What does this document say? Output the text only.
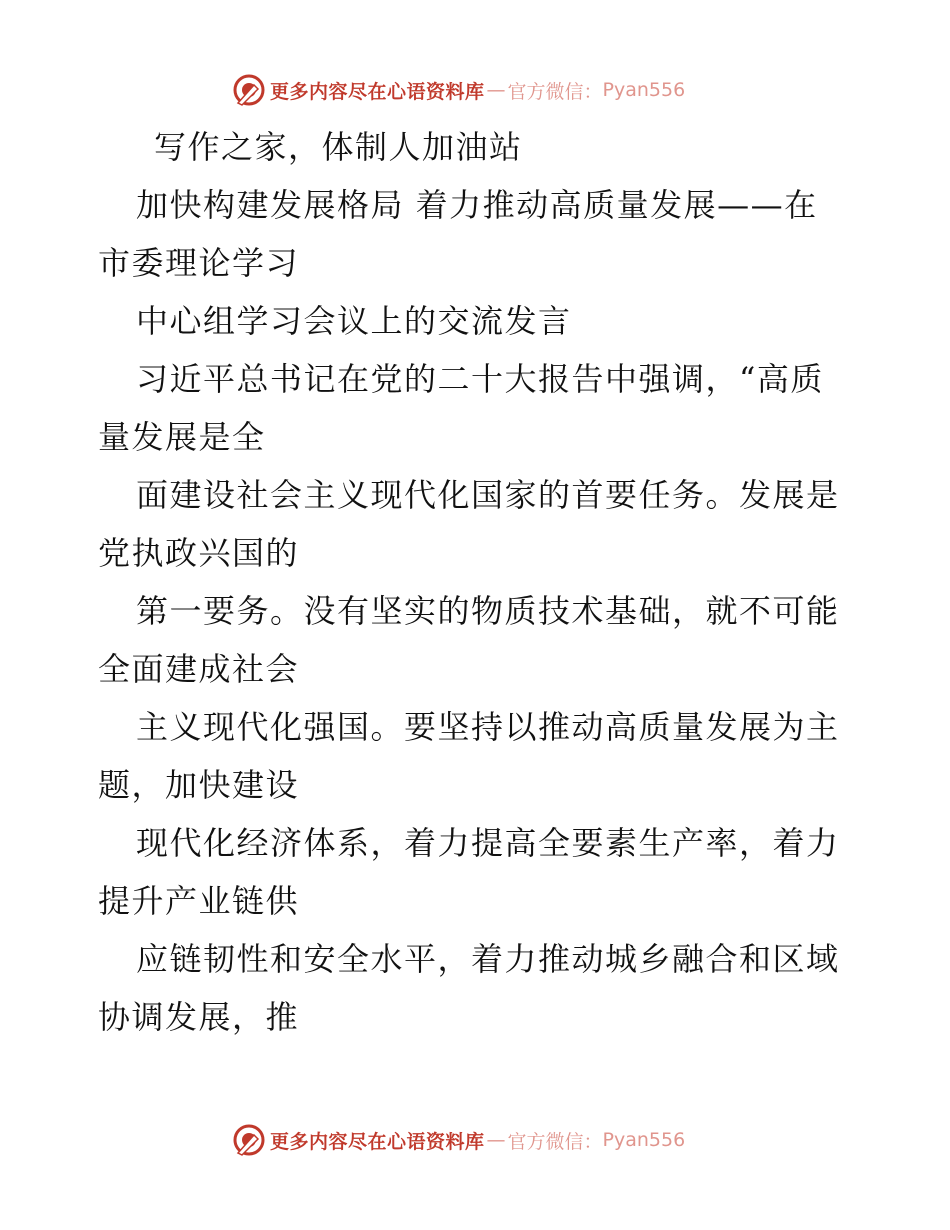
更多内容尽在心语资料库 — 官方微信： Pyan556

写作之家，体制人加油站

加快构建发展格局 着力推动高质量发展——在

市委理论学习

中心组学习会议上的交流发言

习近平总书记在党的二十大报告中强调，“高质

量发展是全

面建设社会主义现代化国家的首要任务。发展是

党执政兴国的

第一要务。没有坚实的物质技术基础，就不可能

全面建成社会

主义现代化强国。要坚持以推动高质量发展为主

题，加快建设

现代化经济体系，着力提高全要素生产率，着力

提升产业链供

应链韧性和安全水平，着力推动城乡融合和区域

协调发展，推

更多内容尽在心语资料库 — 官方微信： Pyan556
